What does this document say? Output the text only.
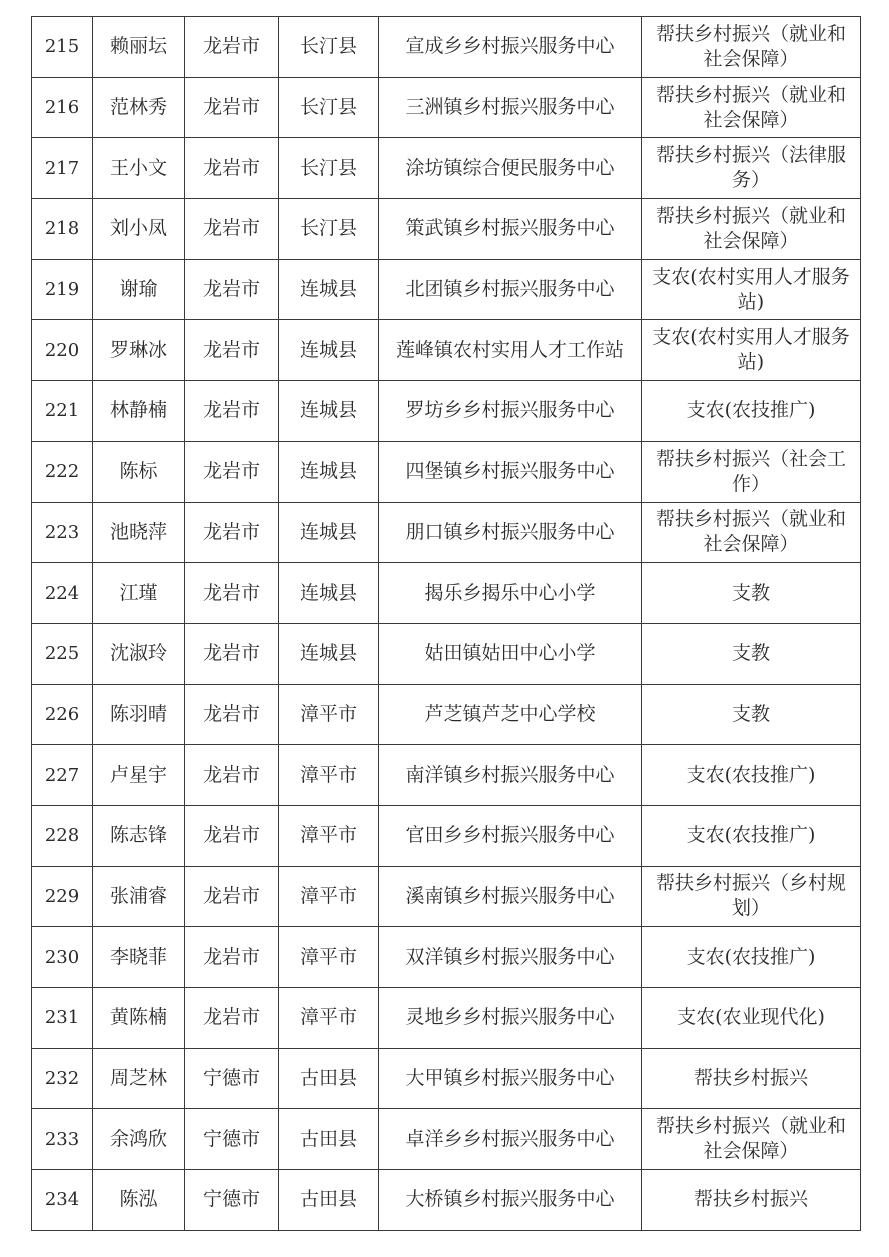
215	赖丽坛	龙岩市	长汀县	宣成乡乡村振兴服务中心	帮扶乡村振兴（就业和社会保障）
216	范林秀	龙岩市	长汀县	三洲镇乡村振兴服务中心	帮扶乡村振兴（就业和社会保障）
217	王小文	龙岩市	长汀县	涂坊镇综合便民服务中心	帮扶乡村振兴（法律服务）
218	刘小凤	龙岩市	长汀县	策武镇乡村振兴服务中心	帮扶乡村振兴（就业和社会保障）
219	谢瑜	龙岩市	连城县	北团镇乡村振兴服务中心	支农(农村实用人才服务站)
220	罗琳冰	龙岩市	连城县	莲峰镇农村实用人才工作站	支农(农村实用人才服务站)
221	林静楠	龙岩市	连城县	罗坊乡乡村振兴服务中心	支农(农技推广)
222	陈标	龙岩市	连城县	四堡镇乡村振兴服务中心	帮扶乡村振兴（社会工作）
223	池晓萍	龙岩市	连城县	朋口镇乡村振兴服务中心	帮扶乡村振兴（就业和社会保障）
224	江瑾	龙岩市	连城县	揭乐乡揭乐中心小学	支教
225	沈淑玲	龙岩市	连城县	姑田镇姑田中心小学	支教
226	陈羽晴	龙岩市	漳平市	芦芝镇芦芝中心学校	支教
227	卢星宇	龙岩市	漳平市	南洋镇乡村振兴服务中心	支农(农技推广)
228	陈志锋	龙岩市	漳平市	官田乡乡村振兴服务中心	支农(农技推广)
229	张浦睿	龙岩市	漳平市	溪南镇乡村振兴服务中心	帮扶乡村振兴（乡村规划）
230	李晓菲	龙岩市	漳平市	双洋镇乡村振兴服务中心	支农(农技推广)
231	黄陈楠	龙岩市	漳平市	灵地乡乡村振兴服务中心	支农(农业现代化)
232	周芝林	宁德市	古田县	大甲镇乡村振兴服务中心	帮扶乡村振兴
233	余鸿欣	宁德市	古田县	卓洋乡乡村振兴服务中心	帮扶乡村振兴（就业和社会保障）
234	陈泓	宁德市	古田县	大桥镇乡村振兴服务中心	帮扶乡村振兴
